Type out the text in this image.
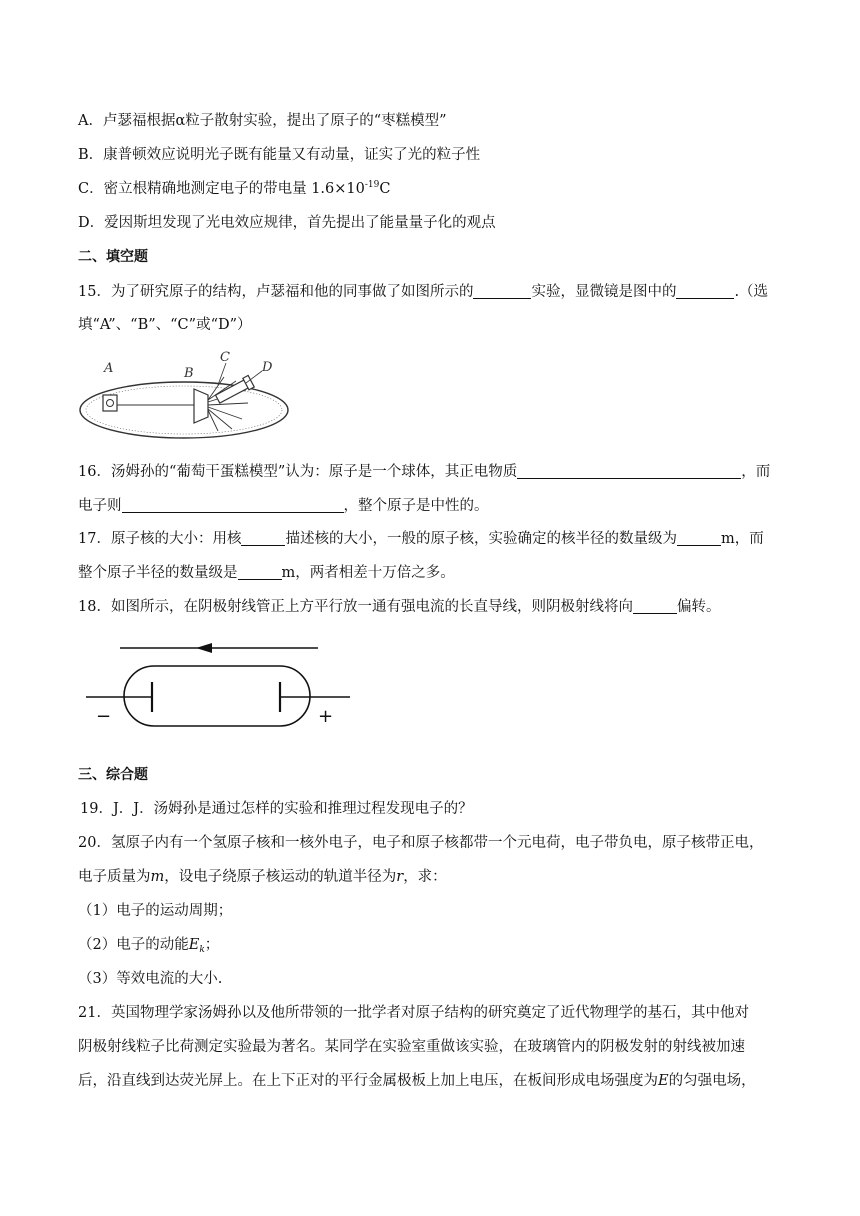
A．卢瑟福根据α粒子散射实验，提出了原子的“枣糕模型”
B．康普顿效应说明光子既有能量又有动量，证实了光的粒子性
C．密立根精确地测定电子的带电量 $1.6\times 10^{-19}C$
D．爱因斯坦发现了光电效应规律，首先提出了能量量子化的观点
二、填空题
15．为了研究原子的结构，卢瑟福和他的同事做了如图所示的	实验，显微镜是图中的	.（选
填“A”、“B”、“C”或“D”）
A	B
C
D
16．汤姆孙的“葡萄干蛋糕模型”认为：原子是一个球体，其正电物质	，而
电子则	，整个原子是中性的。
17．原子核的大小：用核	描述核的大小，一般的原子核，实验确定的核半径的数量级为	m，而
整个原子半径的数量级是	m，两者相差十万倍之多。
18．如图所示，在阴极射线管正上方平行放一通有强电流的长直导线，则阴极射线将向	偏转。
−	+
三、综合题
19．J．J．汤姆孙是通过怎样的实验和推理过程发现电子的？
20．氢原子内有一个氢原子核和一核外电子，电子和原子核都带一个元电荷，电子带负电，原子核带正电，
电子质量为m，设电子绕原子核运动的轨道半径为r，求：
（1）电子的运动周期；
（2）电子的动能$E_k$；
（3）等效电流的大小.
21．英国物理学家汤姆孙以及他所带领的一批学者对原子结构的研究奠定了近代物理学的基石，其中他对
阴极射线粒子比荷测定实验最为著名。某同学在实验室重做该实验，在玻璃管内的阴极发射的射线被加速
后，沿直线到达荧光屏上。在上下正对的平行金属极板上加上电压，在板间形成电场强度为E的匀强电场，
